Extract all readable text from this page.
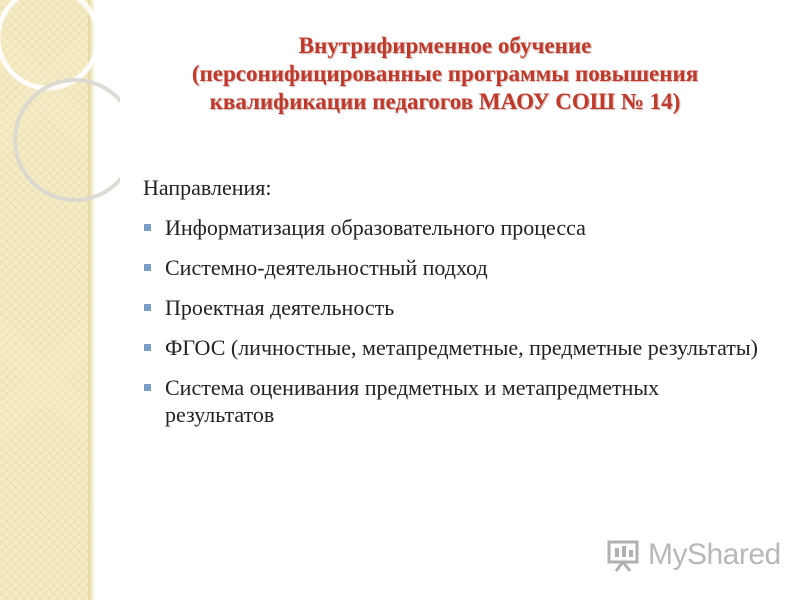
Внутрифирменное обучение
(персонифицированные программы повышения
квалификации педагогов МАОУ СОШ № 14)
Направления:
Информатизация образовательного процесса
Системно-деятельностный подход
Проектная деятельность
ФГОС (личностные, метапредметные, предметные результаты)
Система оценивания предметных и метапредметных результатов
MyShared
